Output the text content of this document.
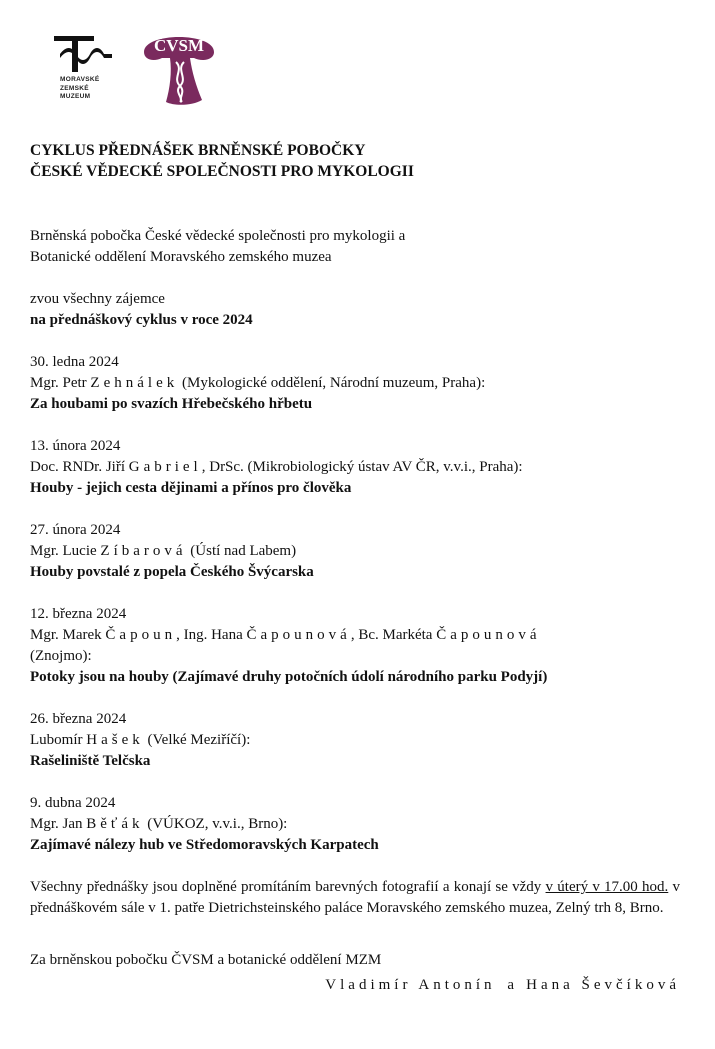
MORAVSKÉ
ZEMSKÉ
MUZEUM
ČVSM

CYKLUS PŘEDNÁŠEK BRNĚNSKÉ POBOČKY

ČESKÉ VĚDECKÉ SPOLEČNOSTI PRO MYKOLOGII

Brněnská pobočka České vědecké společnosti pro mykologii a

Botanické oddělení Moravského zemského muzea

zvou všechny zájemce

na přednáškový cyklus v roce 2024

30. ledna 2024

Mgr. Petr Zehnálek (Mykologické oddělení, Národní muzeum, Praha):

Za houbami po svazích Hřebečského hřbetu

13. února 2024

Doc. RNDr. Jiří Gabriel, DrSc. (Mikrobiologický ústav AV ČR, v.v.i., Praha):

Houby - jejich cesta dějinami a přínos pro člověka

27. února 2024

Mgr. Lucie Zíbarová (Ústí nad Labem)

Houby povstalé z popela Českého Švýcarska

12. března 2024

Mgr. Marek Čapoun, Ing. Hana Čapounová, Bc. Markéta Čapounová

(Znojmo):

Potoky jsou na houby (Zajímavé druhy potočních údolí národního parku Podyjí)

26. března 2024

Lubomír Hašek (Velké Meziříčí):

Rašeliniště Telčska

9. dubna 2024

Mgr. Jan Běťák (VÚKOZ, v.v.i., Brno):

Zajímavé nálezy hub ve Středomoravských Karpatech

Všechny přednášky jsou doplněné promítáním barevných fotografií a konají se vždy v úterý v 17.00 hod. v přednáškovém sále v 1. patře Dietrichsteinského paláce Moravského zemského muzea, Zelný trh 8, Brno.

Za brněnskou pobočku ČVSM a botanické oddělení MZM

Vladimír Antonín a Hana Ševčíková
